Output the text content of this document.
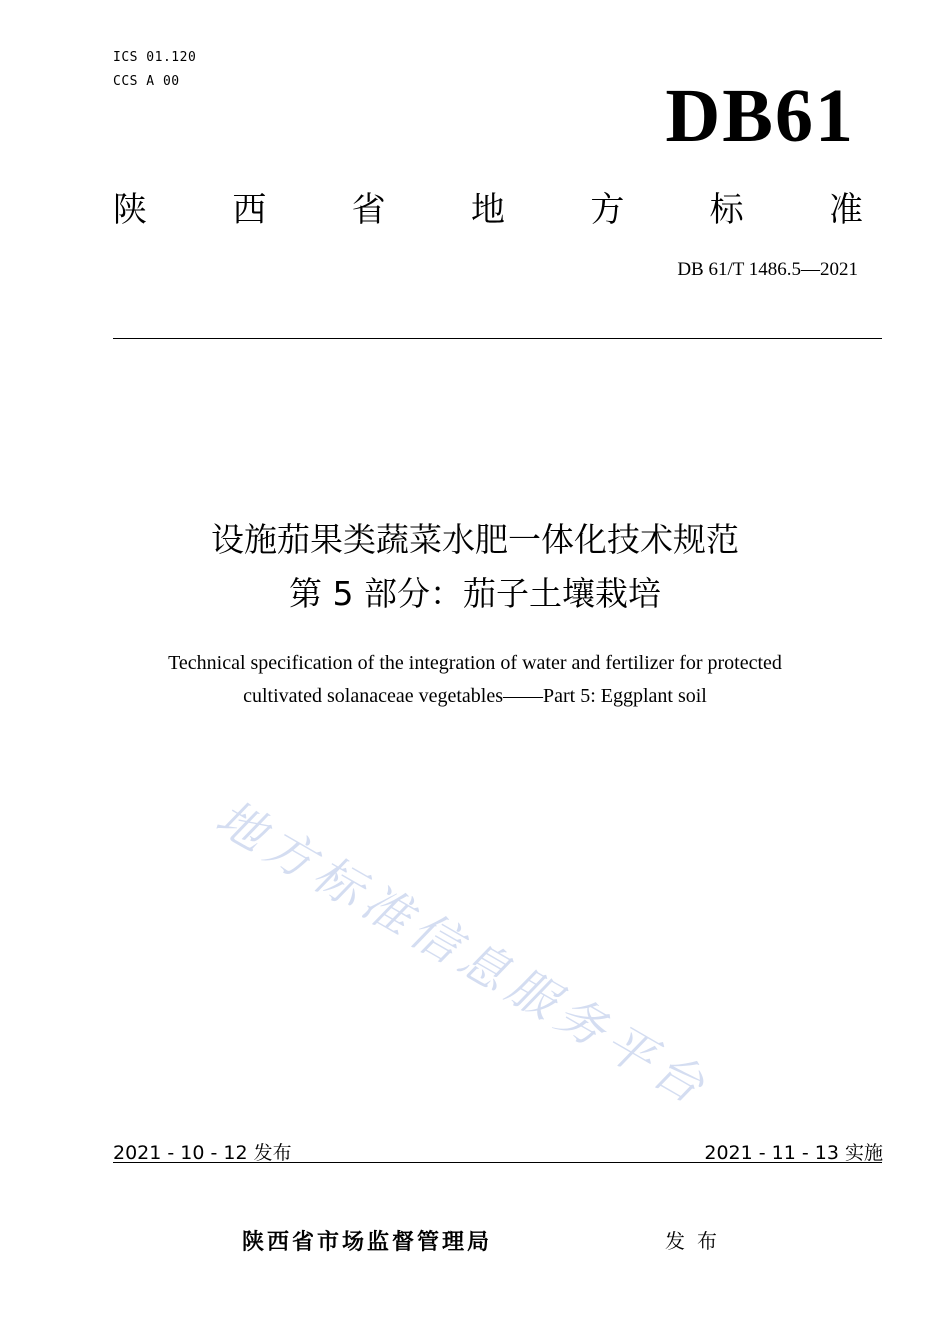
ICS 01.120
CCS A 00	DB61
陕	西	省	地	方	标	准
DB 61/T 1486.5—2021
设施茄果类蔬菜水肥一体化技术规范
第 5 部分：茄子土壤栽培
Technical specification of the integration of water and fertilizer for protected
cultivated solanaceae vegetables——Part 5: Eggplant soil
地方标准信息服务平台
2021 - 10 - 12 发布	2021 - 11 - 13 实施
陕西省市场监督管理局	发布
